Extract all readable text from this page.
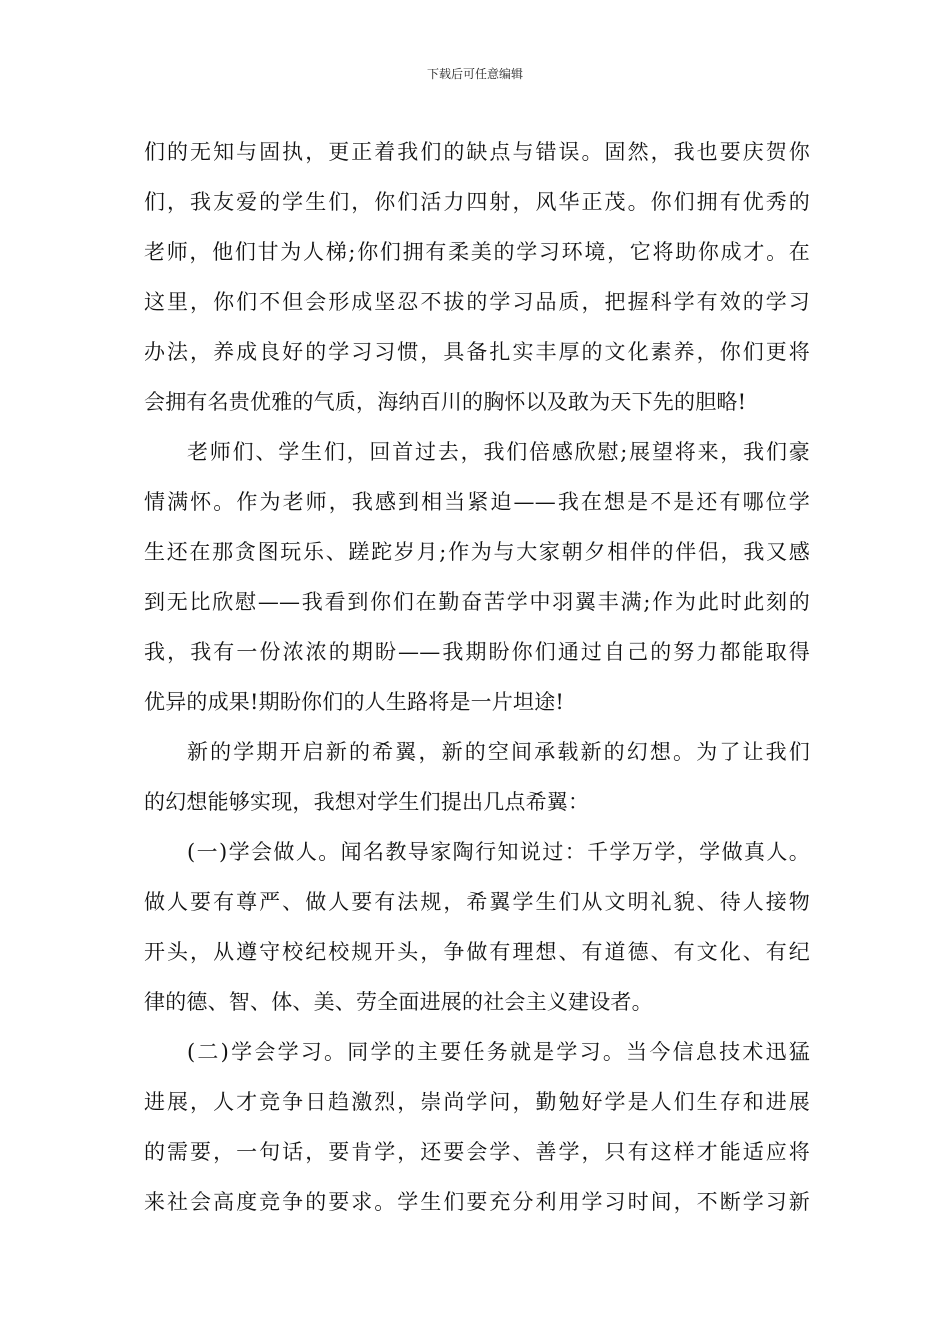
下载后可任意编辑
们的无知与固执，更正着我们的缺点与错误。固然，我也要庆贺你
们，我友爱的学生们，你们活力四射，风华正茂。你们拥有优秀的
老师，他们甘为人梯;你们拥有柔美的学习环境，它将助你成才。在
这里，你们不但会形成坚忍不拔的学习品质，把握科学有效的学习
办法，养成良好的学习习惯，具备扎实丰厚的文化素养，你们更将
会拥有名贵优雅的气质，海纳百川的胸怀以及敢为天下先的胆略!
老师们、学生们，回首过去，我们倍感欣慰;展望将来，我们豪
情满怀。作为老师，我感到相当紧迫——我在想是不是还有哪位学
生还在那贪图玩乐、蹉跎岁月;作为与大家朝夕相伴的伴侣，我又感
到无比欣慰——我看到你们在勤奋苦学中羽翼丰满;作为此时此刻的
我，我有一份浓浓的期盼——我期盼你们通过自己的努力都能取得
优异的成果!期盼你们的人生路将是一片坦途!
新的学期开启新的希翼，新的空间承载新的幻想。为了让我们
的幻想能够实现，我想对学生们提出几点希翼：
(一)学会做人。闻名教导家陶行知说过：千学万学，学做真人。
做人要有尊严、做人要有法规，希翼学生们从文明礼貌、待人接物
开头，从遵守校纪校规开头，争做有理想、有道德、有文化、有纪
律的德、智、体、美、劳全面进展的社会主义建设者。
(二)学会学习。同学的主要任务就是学习。当今信息技术迅猛
进展，人才竞争日趋激烈，崇尚学问，勤勉好学是人们生存和进展
的需要，一句话，要肯学，还要会学、善学，只有这样才能适应将
来社会高度竞争的要求。学生们要充分利用学习时间，不断学习新
